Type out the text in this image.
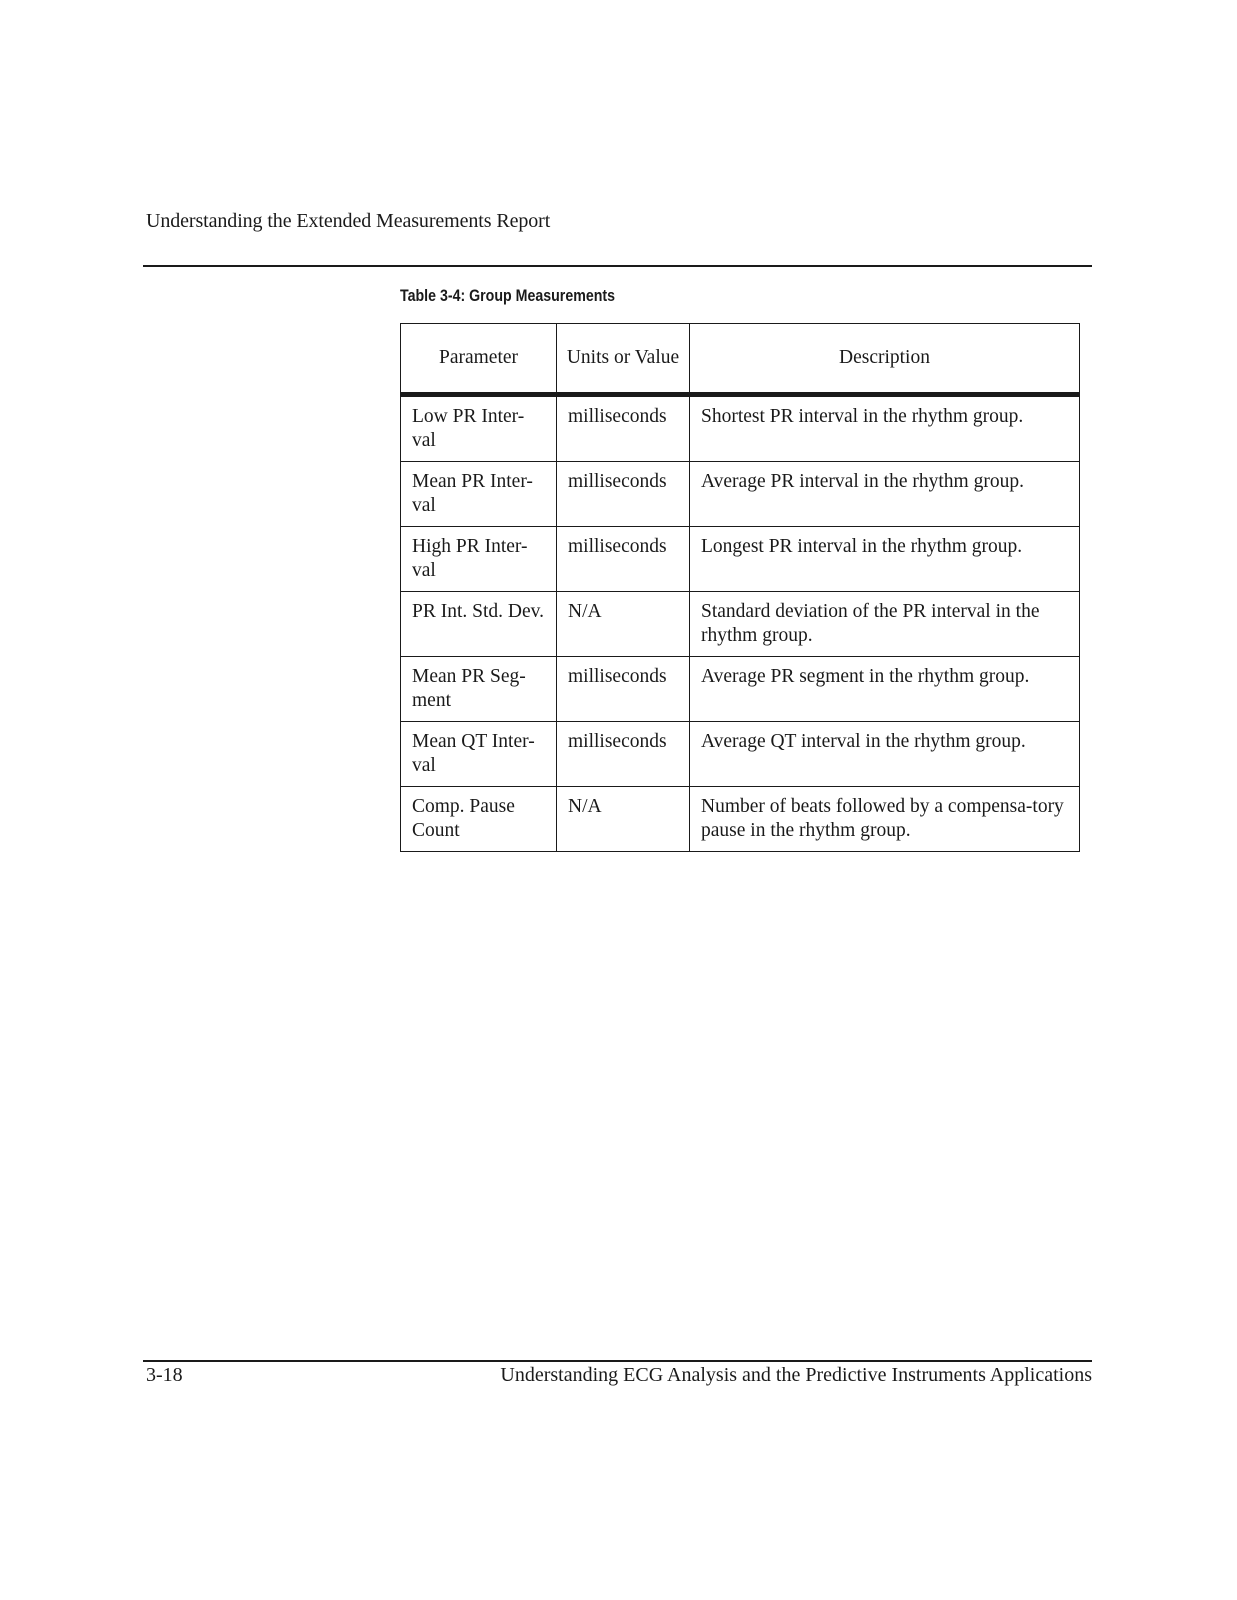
Understanding the Extended Measurements Report
Table 3-4: Group Measurements
Parameter	Units or Value	Description
Low PR Inter-val	milliseconds	Shortest PR interval in the rhythm group.
Mean PR Inter-val	milliseconds	Average PR interval in the rhythm group.
High PR Inter-val	milliseconds	Longest PR interval in the rhythm group.
PR Int. Std. Dev.	N/A	Standard deviation of the PR interval in the rhythm group.
Mean PR Seg-ment	milliseconds	Average PR segment in the rhythm group.
Mean QT Inter-val	milliseconds	Average QT interval in the rhythm group.
Comp. Pause Count	N/A	Number of beats followed by a compensa-tory pause in the rhythm group.
3-18	Understanding ECG Analysis and the Predictive Instruments Applications
